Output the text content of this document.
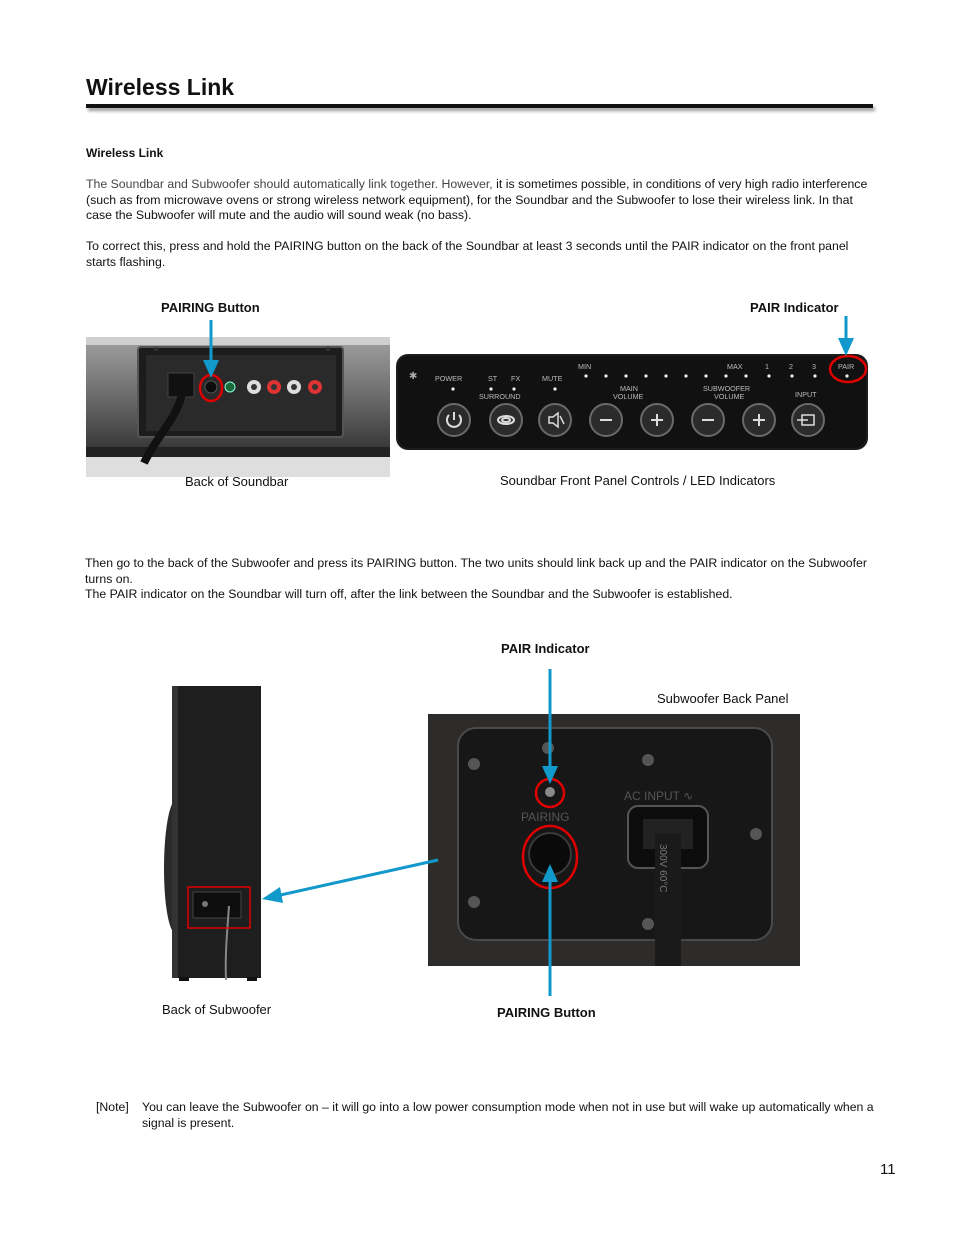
Wireless Link
Wireless Link
The Soundbar and Subwoofer should automatically link together. However, it is sometimes possible, in conditions of very high radio interference (such as from microwave ovens or strong wireless network equipment), for the Soundbar and the Subwoofer to lose their wireless link. In that case the Subwoofer will mute and the audio will sound weak (no bass).
To correct this, press and hold the PAIRING button on the back of the Soundbar at least 3 seconds until the PAIR indicator on the front panel starts flashing.
PAIRING Button	PAIR Indicator
✱ POWER	ST FX	MUTE
SURROUND
MIN	MAX	1	2	3	PAIR
MAIN
VOLUME
SUBWOOFER
VOLUME	INPUT
Back of Soundbar	Soundbar Front Panel Controls / LED Indicators
Then go to the back of the Subwoofer and press its PAIRING button. The two units should link back up and the PAIR indicator on the Subwoofer turns on.
The PAIR indicator on the Soundbar will turn off, after the link between the Soundbar and the Subwoofer is established.
PAIR Indicator
Subwoofer Back Panel
PAIRING
AC INPUT ∿
300V 60°C
Back of Subwoofer	PAIRING Button
[Note] You can leave the Subwoofer on – it will go into a low power consumption mode when not in use but will wake up automatically when a signal is present.
11
